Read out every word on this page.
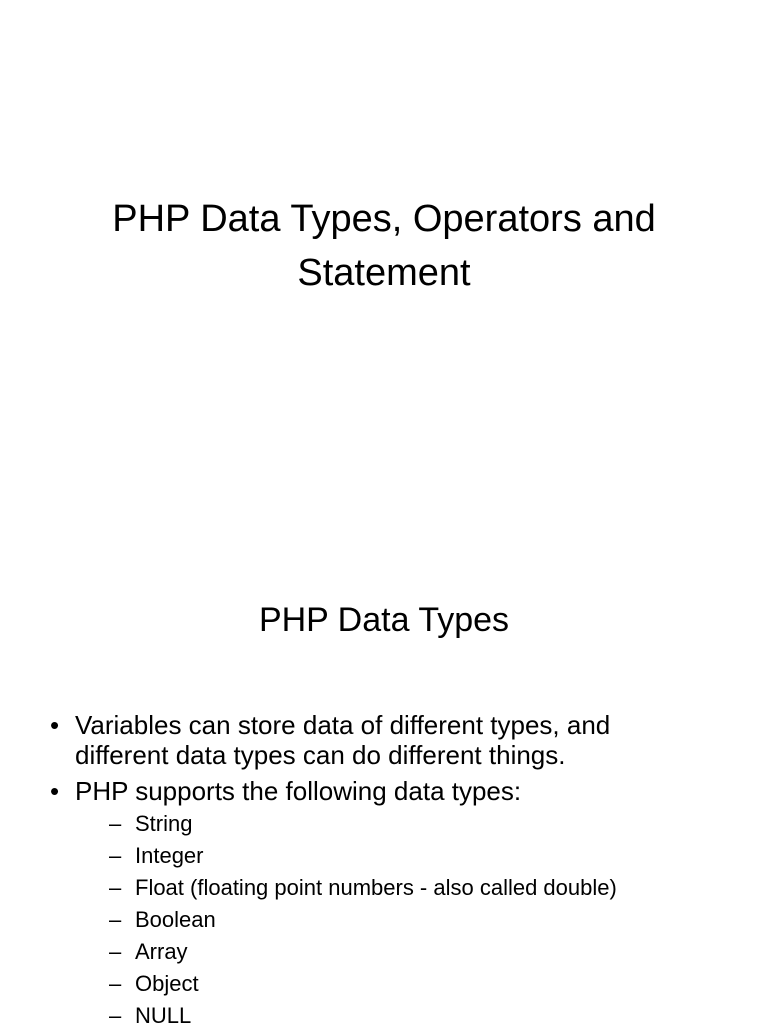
PHP Data Types, Operators and
Statement
PHP Data Types
• Variables can store data of different types, and
different data types can do different things.
• PHP supports the following data types:
– String
– Integer
– Float (floating point numbers - also called double)
– Boolean
– Array
– Object
– NULL
